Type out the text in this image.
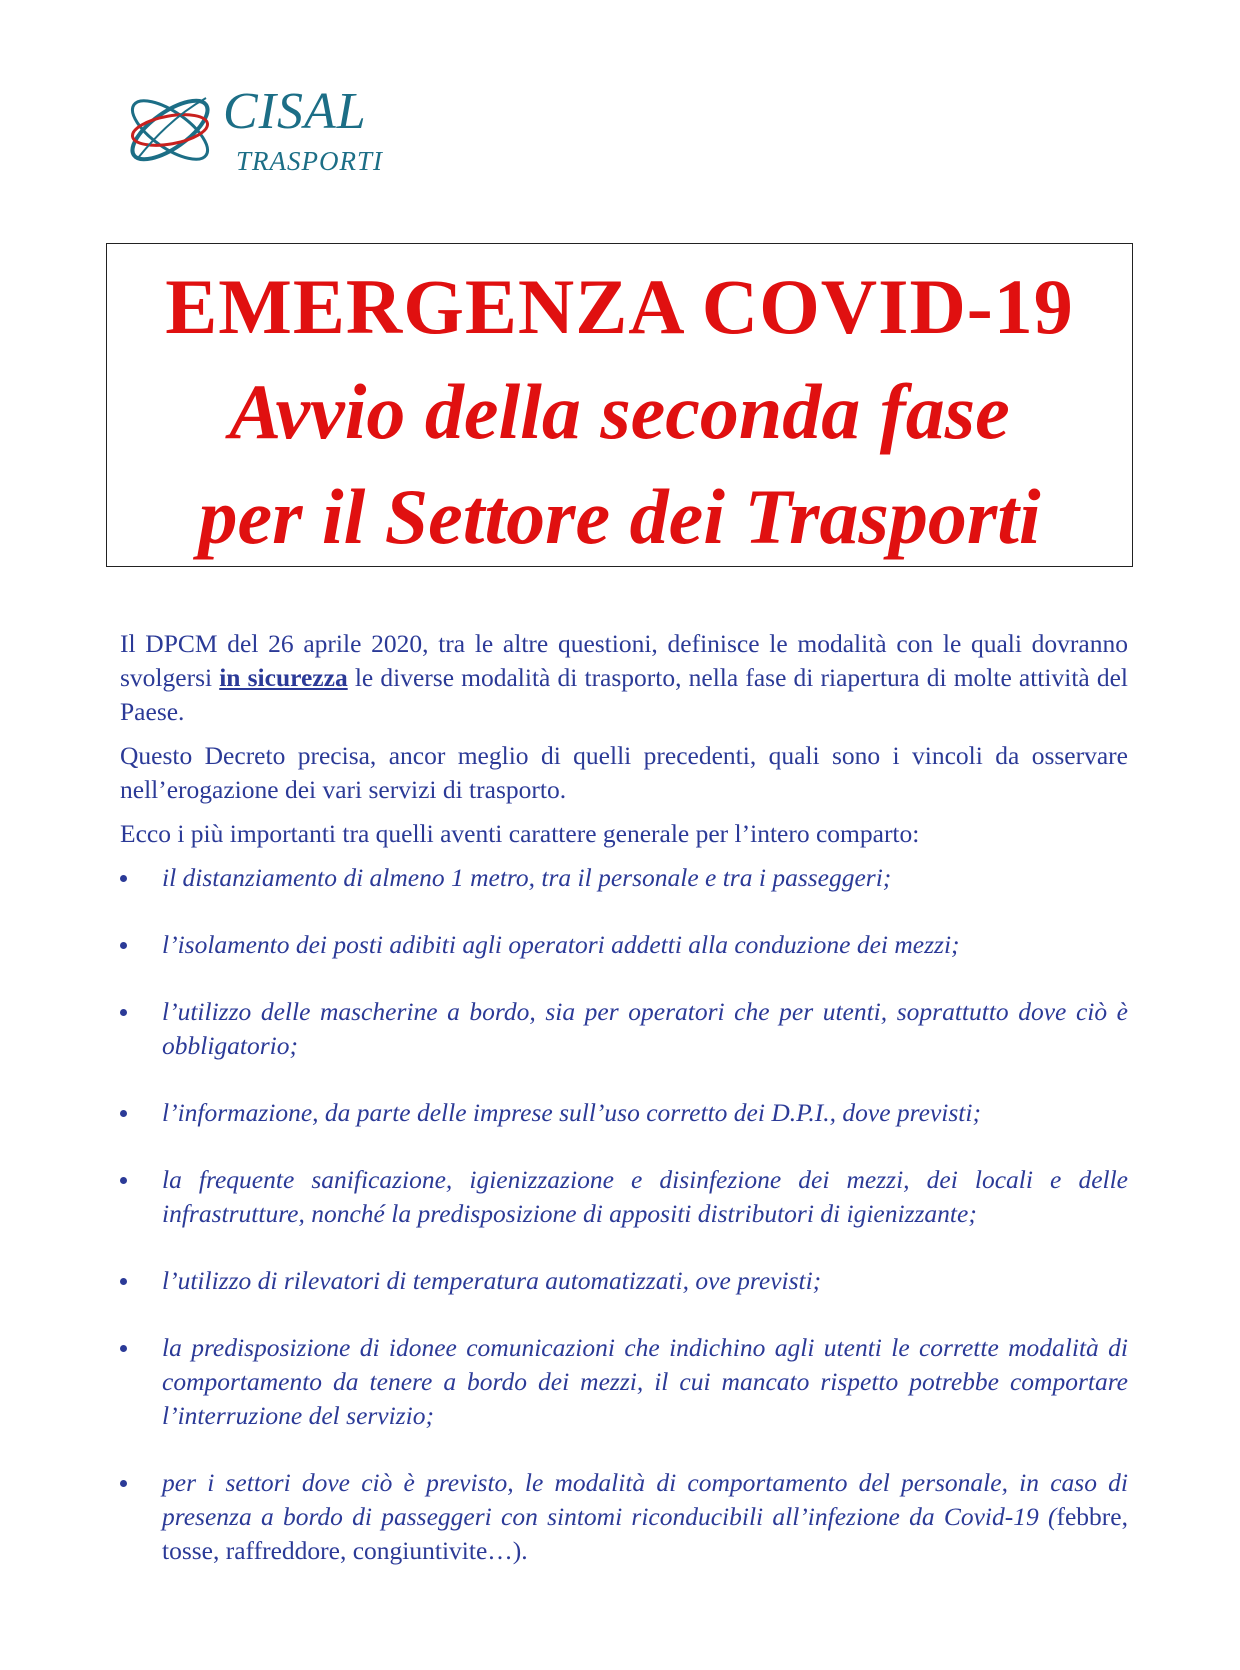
CISAL
TRASPORTI
EMERGENZA COVID-19
Avvio della seconda fase
per il Settore dei Trasporti

Il DPCM del 26 aprile 2020, tra le altre questioni, definisce le modalità con le quali dovranno svolgersi in sicurezza le diverse modalità di trasporto, nella fase di riapertura di molte attività del Paese.

Questo Decreto precisa, ancor meglio di quelli precedenti, quali sono i vincoli da osservare nell’erogazione dei vari servizi di trasporto.

Ecco i più importanti tra quelli aventi carattere generale per l’intero comparto:

il distanziamento di almeno 1 metro, tra il personale e tra i passeggeri;
l’isolamento dei posti adibiti agli operatori addetti alla conduzione dei mezzi;
l’utilizzo delle mascherine a bordo, sia per operatori che per utenti, soprattutto dove ciò è obbligatorio;
l’informazione, da parte delle imprese sull’uso corretto dei D.P.I., dove previsti;
la frequente sanificazione, igienizzazione e disinfezione dei mezzi, dei locali e delle infrastrutture, nonché la predisposizione di appositi distributori di igienizzante;
l’utilizzo di rilevatori di temperatura automatizzati, ove previsti;
la predisposizione di idonee comunicazioni che indichino agli utenti le corrette modalità di comportamento da tenere a bordo dei mezzi, il cui mancato rispetto potrebbe comportare l’interruzione del servizio;
per i settori dove ciò è previsto, le modalità di comportamento del personale, in caso di presenza a bordo di passeggeri con sintomi riconducibili all’infezione da Covid-19 (febbre, tosse, raffreddore, congiuntivite…).
